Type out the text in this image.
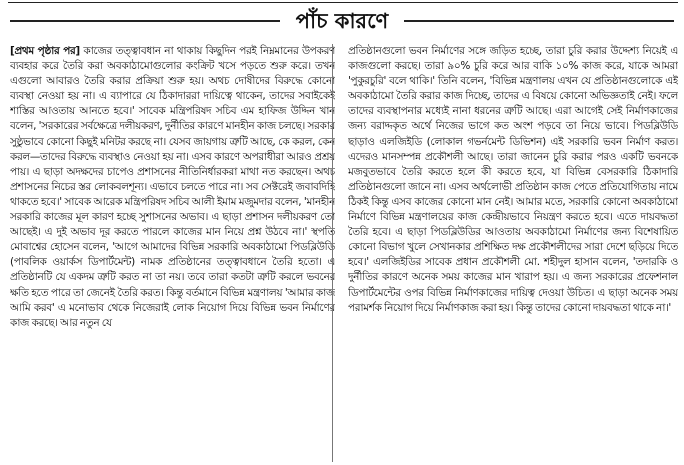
পাঁচ কারণে
[প্রথম পৃষ্ঠার পর] কাজের তত্ত্বাবধান না থাকায় কিছুদিন পরই নিম্নমানের উপকরণ ব্যবহার করে তৈরি করা অবকাঠামোগুলোর কংক্রিট খসে পড়তে শুরু করে। তখন এগুলো আবারও তৈরি করার প্রক্রিয়া শুরু হয়। অথচ দোষীদের বিরুদ্ধে কোনো ব্যবস্থা নেওয়া হয় না। এ ব্যাপারে যে ঠিকাদাররা দায়িত্বে থাকেন, তাদের সবাইকেই শাস্তির আওতায় আনতে হবে।' সাবেক মন্ত্রিপরিষদ সচিব এম হাফিজ উদ্দিন খান বলেন, 'সরকারের সর্বক্ষেত্রে দলীয়করণ, দুর্নীতির কারণে মানহীন কাজ চলছে। সরকার সুষ্ঠুভাবে কোনো কিছুই মনিটর করছে না। যেসব জায়গায় ত্রুটি আছে, কে করল, কেন করল—তাদের বিরুদ্ধে ব্যবস্থাও নেওয়া হয় না। এসব কারণে অপরাধীরা আরও প্রশ্রয় পায়। এ ছাড়া অদক্ষদের চাপেও প্রশাসনের নীতিনির্ধারকরা মাথা নত করছেন। অথচ প্রশাসনের নিচের স্তর লোকবলশূন্য। এভাবে চলতে পারে না। সব সেক্টরেই জবাবদিহি থাকতে হবে।' সাবেক আরেক মন্ত্রিপরিষদ সচিব আলী ইমাম মজুমদার বলেন, 'মানহীন সরকারি কাজের মূল কারণ হচ্ছে সুশাসনের অভাব। এ ছাড়া প্রশাসন দলীয়করণ তো আছেই। এ দুই অভাব দূর করতে পারলে কাজের মান নিয়ে প্রশ্ন উঠবে না।' স্থপতি মোবাশ্বের হোসেন বলেন, 'আগে আমাদের বিভিন্ন সরকারি অবকাঠামো পিডব্লিউডি (পাবলিক ওয়ার্কস ডিপার্টমেন্ট) নামক প্রতিষ্ঠানের তত্ত্বাবধানে তৈরি হতো। এ প্রতিষ্ঠানটি যে একদম ত্রুটি করত না তা নয়। তবে তারা কতটা ত্রুটি করলে ভবনের ক্ষতি হতে পারে তা জেনেই তৈরি করত। কিন্তু বর্তমানে বিভিন্ন মন্ত্রণালয় 'আমার কাজ আমি করব' এ মনোভাব থেকে নিজেরাই লোক নিয়োগ দিয়ে বিভিন্ন ভবন নির্মাণের কাজ করছে। আর নতুন যে
প্রতিষ্ঠানগুলো ভবন নির্মাণের সঙ্গে জড়িত হচ্ছে, তারা চুরি করার উদ্দেশ্য নিয়েই এ কাজগুলো করছে। তারা ৯০% চুরি করে আর বাকি ১০% কাজ করে, যাকে আমরা 'পুকুরচুরি' বলে থাকি।' তিনি বলেন, 'বিভিন্ন মন্ত্রণালয় এখন যে প্রতিষ্ঠানগুলোকে এই অবকাঠামো তৈরি করার কাজ দিচ্ছে, তাদের এ বিষয়ে কোনো অভিজ্ঞতাই নেই। ফলে তাদের ব্যবস্থাপনার মধ্যেই নানা ধরনের ত্রুটি আছে। এরা আগেই সেই নির্মাণকাজের জন্য বরাদ্দকৃত অর্থে নিজের ভাগে কত অংশ পড়বে তা নিয়ে ভাবে। পিডব্লিউডি ছাড়াও এলজিইডি (লোকাল গভর্নমেন্ট ডিভিশন) এই সরকারি ভবন নির্মাণ করত। এদেরও মানসম্পন্ন প্রকৌশলী আছে। তারা জানেন চুরি করার পরও একটি ভবনকে মজবুতভাবে তৈরি করতে হলে কী করতে হবে, যা বিভিন্ন বেসরকারি ঠিকাদারি প্রতিষ্ঠানগুলো জানে না। এসব অর্থলোভী প্রতিষ্ঠান কাজ পেতে প্রতিযোগিতায় নামে ঠিকই কিন্তু এসব কাজের কোনো মান নেই। আমার মতে, সরকারি কোনো অবকাঠামো নির্মাণে বিভিন্ন মন্ত্রণালয়ের কাজ কেন্দ্রীয়ভাবে নিয়ন্ত্রণ করতে হবে। এতে দায়বদ্ধতা তৈরি হবে। এ ছাড়া পিডব্লিউডির আওতায় অবকাঠামো নির্মাণের জন্য বিশেষায়িত কোনো বিভাগ খুলে সেখানকার প্রশিক্ষিত দক্ষ প্রকৌশলীদের সারা দেশে ছড়িয়ে দিতে হবে।' এলজিইডির সাবেক প্রধান প্রকৌশলী মো. শহীদুল হাসান বলেন, 'তদারকি ও দুর্নীতির কারণে অনেক সময় কাজের মান খারাপ হয়। এ জন্য সরকারের প্রফেশনাল ডিপার্টমেন্টের ওপর বিভিন্ন নির্মাণকাজের দায়িত্ব দেওয়া উচিত। এ ছাড়া অনেক সময় পরামর্শক নিয়োগ দিয়ে নির্মাণকাজ করা হয়। কিন্তু তাদের কোনো দায়বদ্ধতা থাকে না।'
